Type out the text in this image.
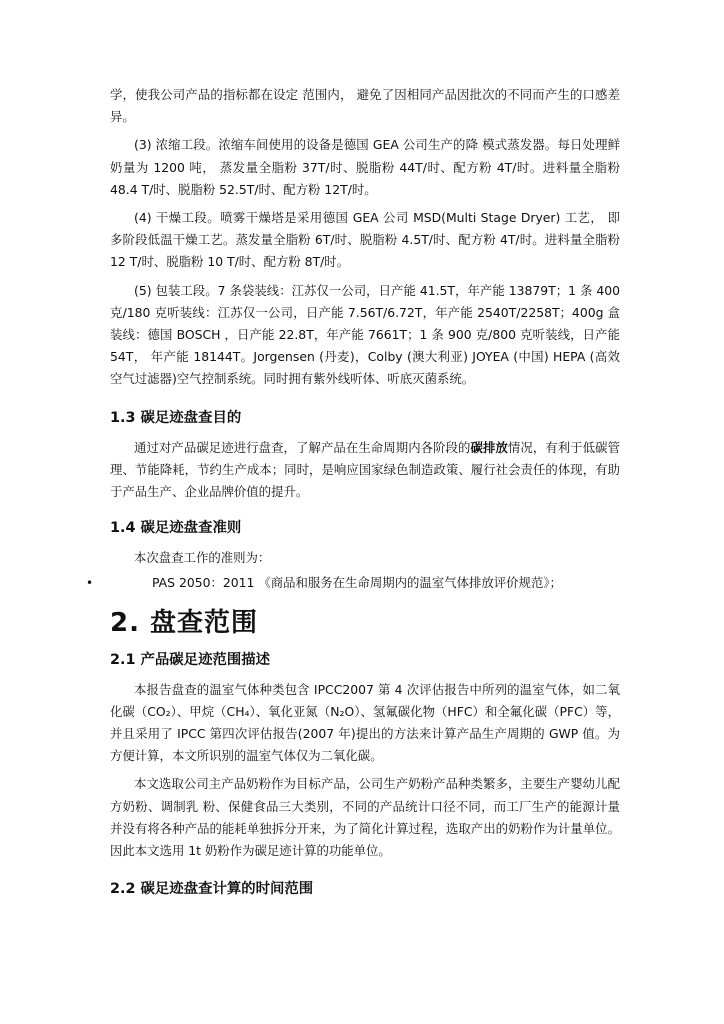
学，使我公司产品的指标都在设定 范围内， 避免了因相同产品因批次的不同而产生的口感差异。

(3) 浓缩工段。浓缩车间使用的设备是德国 GEA 公司生产的降 模式蒸发器。每日处理鲜奶量为 1200 吨， 蒸发量全脂粉 37T/时、脱脂粉 44T/时、配方粉 4T/时。进料量全脂粉 48.4 T/时、脱脂粉 52.5T/时、配方粉 12T/时。

(4) 干燥工段。喷雾干燥塔是采用德国 GEA 公司 MSD(Multi Stage Dryer) 工艺， 即多阶段低温干燥工艺。蒸发量全脂粉 6T/时、脱脂粉 4.5T/时、配方粉 4T/时。进料量全脂粉 12 T/时、脱脂粉 10 T/时、配方粉 8T/时。

(5) 包装工段。7 条袋装线：江苏仅一公司，日产能 41.5T，年产能 13879T；1 条 400 克/180 克听装线：江苏仅一公司，日产能 7.56T/6.72T，年产能 2540T/2258T；400g 盒装线：德国 BOSCH ，日产能 22.8T，年产能 7661T；1 条 900 克/800 克听装线，日产能 54T， 年产能 18144T。Jorgensen (丹麦)，Colby (澳大利亚) JOYEA (中国) HEPA (高效空气过滤器)空气控制系统。同时拥有紫外线听体、听底灭菌系统。

1.3 碳足迹盘查目的

通过对产品碳足迹进行盘查，了解产品在生命周期内各阶段的碳排放情况，有利于低碳管理、节能降耗，节约生产成本；同时，是响应国家绿色制造政策、履行社会责任的体现，有助于产品生产、企业品牌价值的提升。

1.4 碳足迹盘查准则

本次盘查工作的准则为：

•	PAS 2050：2011 《商品和服务在生命周期内的温室气体排放评价规范》；

2. 盘查范围
2.1 产品碳足迹范围描述

本报告盘查的温室气体种类包含 IPCC2007 第 4 次评估报告中所列的温室气体，如二氧化碳（CO₂）、甲烷（CH₄）、氧化亚氮（N₂O）、氢氟碳化物（HFC）和全氟化碳（PFC）等，并且采用了 IPCC 第四次评估报告(2007 年)提出的方法来计算产品生产周期的 GWP 值。为方便计算，本文所识别的温室气体仅为二氧化碳。

本文选取公司主产品奶粉作为目标产品，公司生产奶粉产品种类繁多，主要生产婴幼儿配方奶粉、调制乳 粉、保健食品三大类别，不同的产品统计口径不同，而工厂生产的能源计量并没有将各种产品的能耗单独拆分开来，为了简化计算过程，选取产出的奶粉作为计量单位。因此本文选用 1t 奶粉作为碳足迹计算的功能单位。

2.2 碳足迹盘查计算的时间范围
